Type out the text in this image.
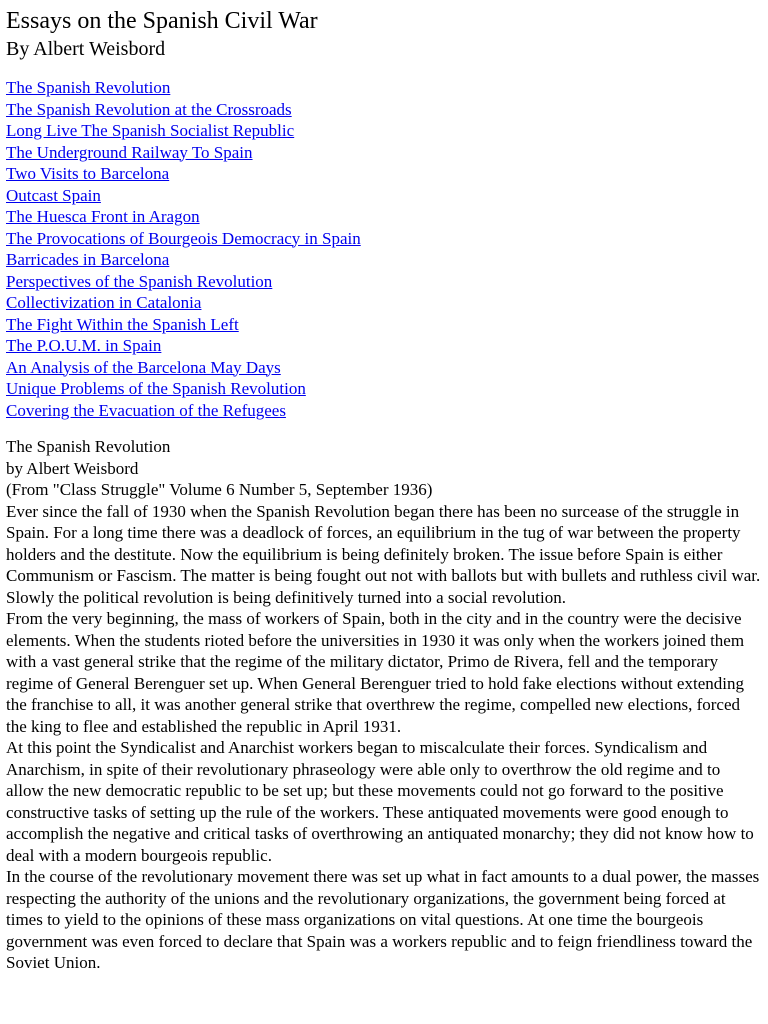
Essays on the Spanish Civil War
By Albert Weisbord
The Spanish Revolution
The Spanish Revolution at the Crossroads
Long Live The Spanish Socialist Republic
The Underground Railway To Spain
Two Visits to Barcelona
Outcast Spain
The Huesca Front in Aragon
The Provocations of Bourgeois Democracy in Spain
Barricades in Barcelona
Perspectives of the Spanish Revolution
Collectivization in Catalonia
The Fight Within the Spanish Left
The P.O.U.M. in Spain
An Analysis of the Barcelona May Days
Unique Problems of the Spanish Revolution
Covering the Evacuation of the Refugees
The Spanish Revolution
by Albert Weisbord
(From "Class Struggle" Volume 6 Number 5, September 1936)

Ever since the fall of 1930 when the Spanish Revolution began there has been no surcease of the struggle in Spain. For a long time there was a deadlock of forces, an equilibrium in the tug of war between the property holders and the destitute. Now the equilibrium is being definitely broken. The issue before Spain is either Communism or Fascism. The matter is being fought out not with ballots but with bullets and ruthless civil war. Slowly the political revolution is being definitively turned into a social revolution.

From the very beginning, the mass of workers of Spain, both in the city and in the country were the decisive elements. When the students rioted before the universities in 1930 it was only when the workers joined them with a vast general strike that the regime of the military dictator, Primo de Rivera, fell and the temporary regime of General Berenguer set up. When General Berenguer tried to hold fake elections without extending the franchise to all, it was another general strike that overthrew the regime, compelled new elections, forced the king to flee and established the republic in April 1931.

At this point the Syndicalist and Anarchist workers began to miscalculate their forces. Syndicalism and Anarchism, in spite of their revolutionary phraseology were able only to overthrow the old regime and to allow the new democratic republic to be set up; but these movements could not go forward to the positive constructive tasks of setting up the rule of the workers. These antiquated movements were good enough to accomplish the negative and critical tasks of overthrowing an antiquated monarchy; they did not know how to deal with a modern bourgeois republic.

In the course of the revolutionary movement there was set up what in fact amounts to a dual power, the masses respecting the authority of the unions and the revolutionary organizations, the government being forced at times to yield to the opinions of these mass organizations on vital questions. At one time the bourgeois government was even forced to declare that Spain was a workers republic and to feign friendliness toward the Soviet Union.
